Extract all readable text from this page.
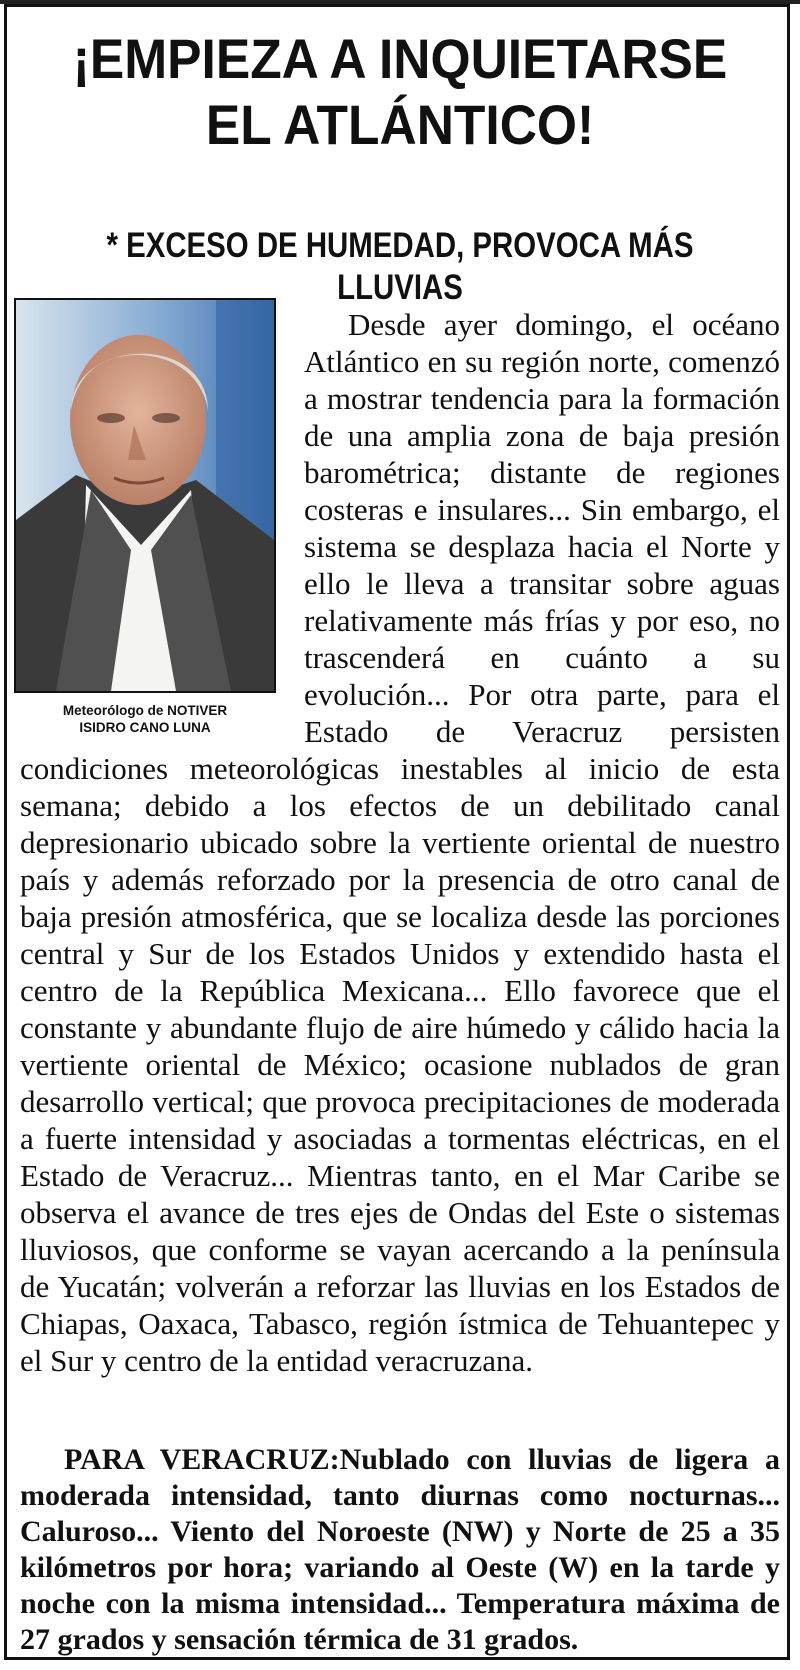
¡EMPIEZA A INQUIETARSE EL ATLÁNTICO!
* EXCESO DE HUMEDAD, PROVOCA MÁS LLUVIAS
Meteorólogo de NOTIVER
ISIDRO CANO LUNA
Desde ayer domingo, el océano Atlántico en su región norte, comenzó a mostrar tendencia para la formación de una amplia zona de baja presión barométrica; distante de regiones costeras e insulares... Sin embargo, el sistema se desplaza hacia el Norte y ello le lleva a transitar sobre aguas relativamente más frías y por eso, no trascenderá en cuánto a su evolución... Por otra parte, para el Estado de Veracruz persisten condiciones meteorológicas inestables al inicio de esta semana; debido a los efectos de un debilitado canal depresionario ubicado sobre la vertiente oriental de nuestro país y además reforzado por la presencia de otro canal de baja presión atmosférica, que se localiza desde las porciones central y Sur de los Estados Unidos y extendido hasta el centro de la República Mexicana... Ello favorece que el constante y abundante flujo de aire húmedo y cálido hacia la vertiente oriental de México; ocasione nublados de gran desarrollo vertical; que provoca precipitaciones de moderada a fuerte intensidad y asociadas a tormentas eléctricas, en el Estado de Veracruz... Mientras tanto, en el Mar Caribe se observa el avance de tres ejes de Ondas del Este o sistemas lluviosos, que conforme se vayan acercando a la península de Yucatán; volverán a reforzar las lluvias en los Estados de Chiapas, Oaxaca, Tabasco, región ístmica de Tehuantepec y el Sur y centro de la entidad veracruzana.
PARA VERACRUZ:Nublado con lluvias de ligera a moderada intensidad, tanto diurnas como nocturnas... Caluroso... Viento del Noroeste (NW) y Norte de 25 a 35 kilómetros por hora; variando al Oeste (W) en la tarde y noche con la misma intensidad... Temperatura máxima de 27 grados y sensación térmica de 31 grados.
